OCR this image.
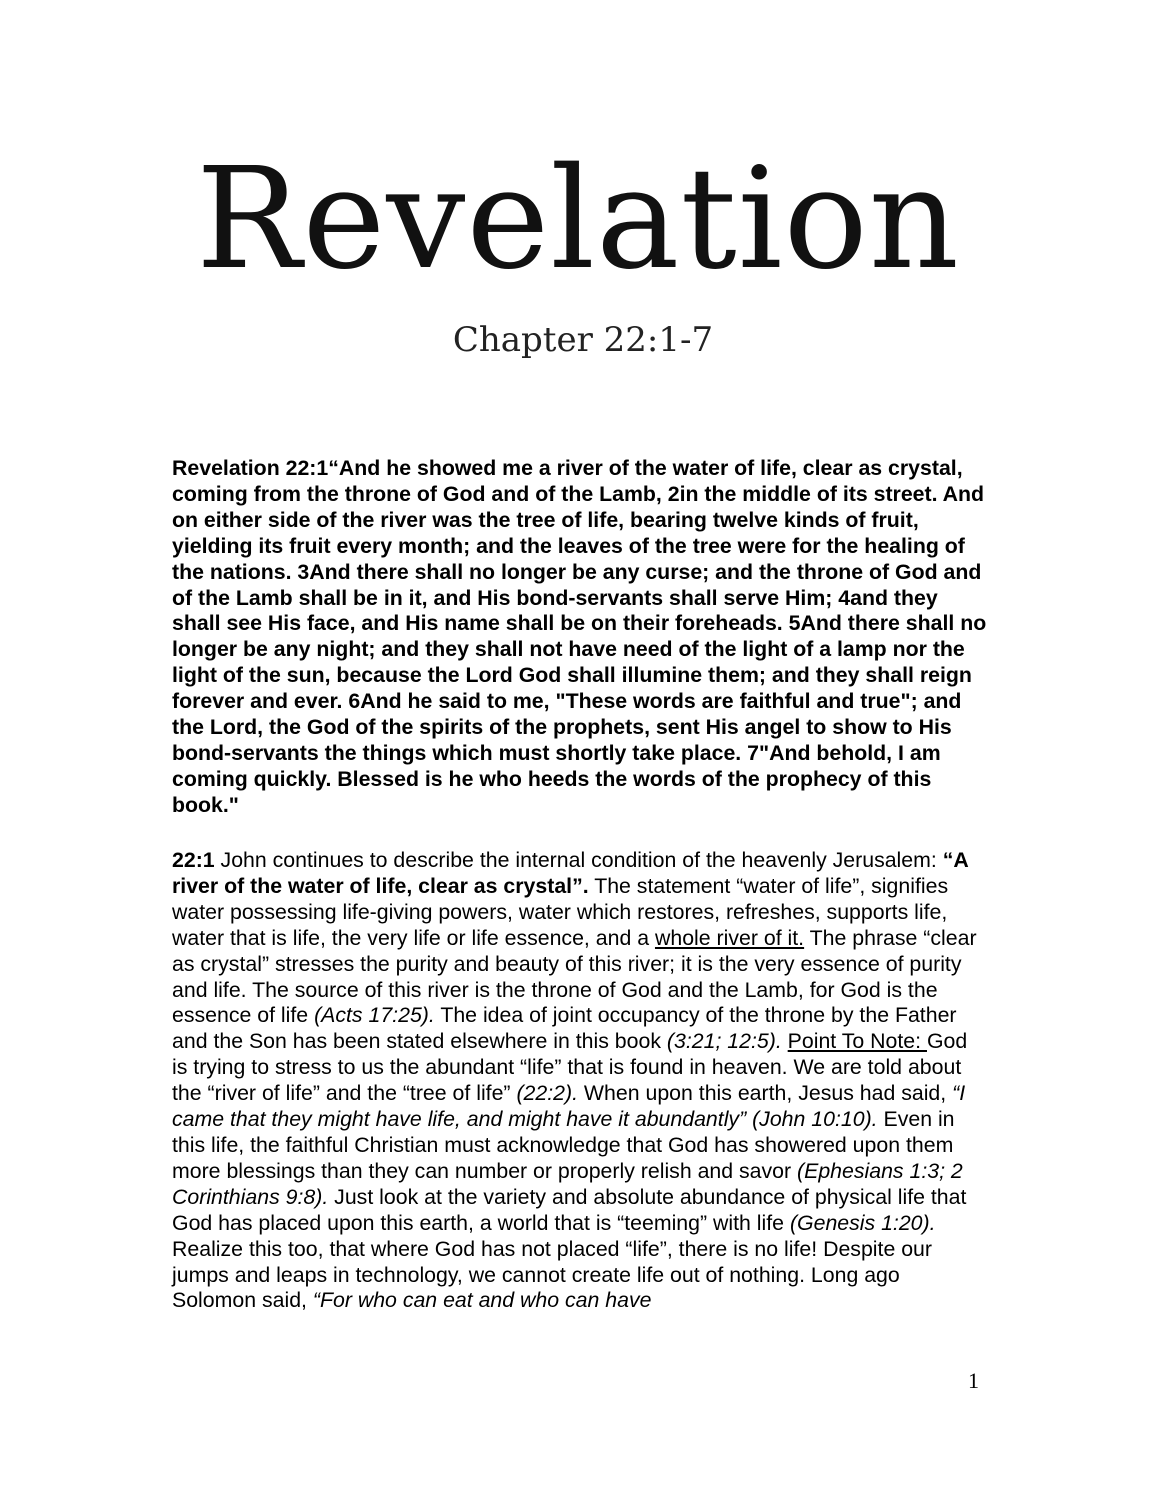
Revelation
Chapter 22:1-7

Revelation 22:1“And he showed me a river of the water of life, clear as crystal, coming from the throne of God and of the Lamb, 2in the middle of its street. And on either side of the river was the tree of life, bearing twelve kinds of fruit, yielding its fruit every month; and the leaves of the tree were for the healing of the nations. 3And there shall no longer be any curse; and the throne of God and of the Lamb shall be in it, and His bond-servants shall serve Him; 4and they shall see His face, and His name shall be on their foreheads. 5And there shall no longer be any night; and they shall not have need of the light of a lamp nor the light of the sun, because the Lord God shall illumine them; and they shall reign forever and ever. 6And he said to me, "These words are faithful and true"; and the Lord, the God of the spirits of the prophets, sent His angel to show to His bond-servants the things which must shortly take place. 7"And behold, I am coming quickly. Blessed is he who heeds the words of the prophecy of this book."

22:1 John continues to describe the internal condition of the heavenly Jerusalem: “A river of the water of life, clear as crystal”. The statement “water of life”, signifies water possessing life-giving powers, water which restores, refreshes, supports life, water that is life, the very life or life essence, and a whole river of it. The phrase “clear as crystal” stresses the purity and beauty of this river; it is the very essence of purity and life. The source of this river is the throne of God and the Lamb, for God is the essence of life (Acts 17:25). The idea of joint occupancy of the throne by the Father and the Son has been stated elsewhere in this book (3:21; 12:5). Point To Note: God is trying to stress to us the abundant “life” that is found in heaven. We are told about the “river of life” and the “tree of life” (22:2). When upon this earth, Jesus had said, “I came that they might have life, and might have it abundantly” (John 10:10). Even in this life, the faithful Christian must acknowledge that God has showered upon them more blessings than they can number or properly relish and savor (Ephesians 1:3; 2 Corinthians 9:8). Just look at the variety and absolute abundance of physical life that God has placed upon this earth, a world that is “teeming” with life (Genesis 1:20). Realize this too, that where God has not placed “life”, there is no life! Despite our jumps and leaps in technology, we cannot create life out of nothing. Long ago Solomon said, “For who can eat and who can have

1
